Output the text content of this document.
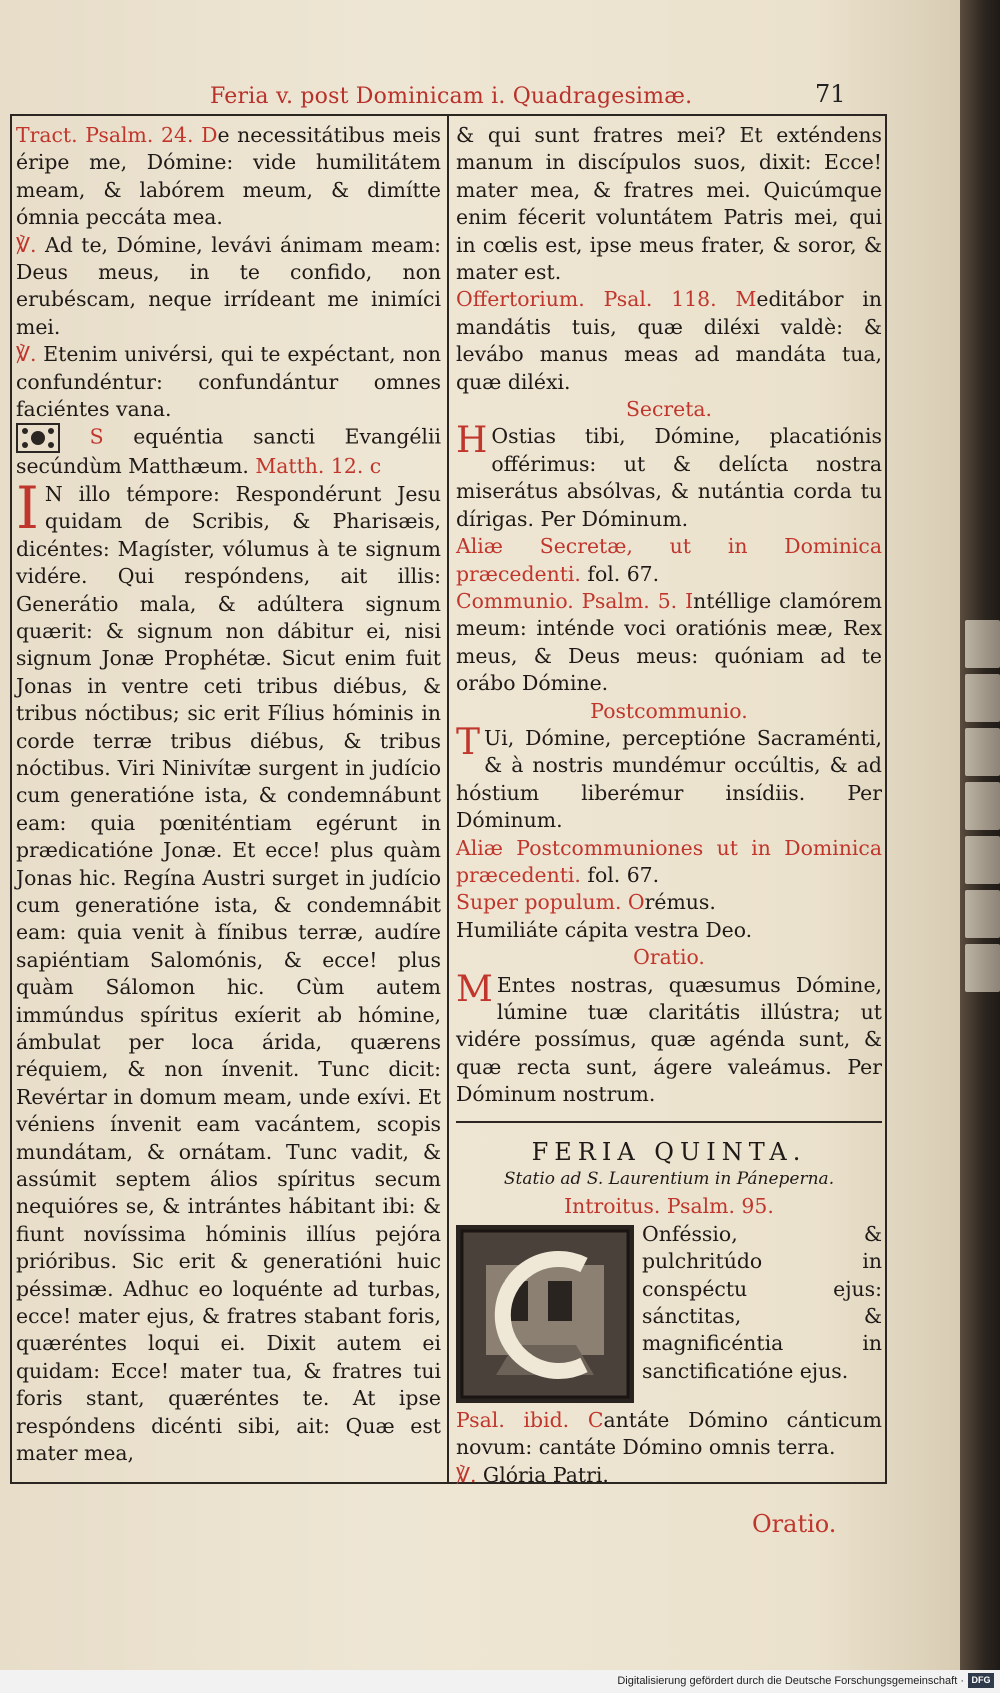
Feria v. post Dominicam i. Quadragesimæ.	71

Tract. Psalm. 24. De necessitátibus meis éripe me, Dómine: vide humilitátem meam, & labórem meum, & dimítte ómnia peccáta mea.

℣. Ad te, Dómine, levávi ánimam meam: Deus meus, in te confido, non erubéscam, neque irrídeant me inimíci mei.

℣. Etenim univérsi, qui te expéctant, non confundéntur: confundántur omnes faciéntes vana.

S equéntia sancti Evangélii secúndùm Matthæum. Matth. 12. c

I N illo témpore: Respondérunt Jesu quidam de Scribis, & Pharisæis, dicéntes: Magíster, vólumus à te signum vidére. Qui respóndens, ait illis: Generátio mala, & adúltera signum quærit: & signum non dábitur ei, nisi signum Jonæ Prophétæ. Sicut enim fuit Jonas in ventre ceti tribus diébus, & tribus nóctibus; sic erit Fílius hóminis in corde terræ tribus diébus, & tribus nóctibus. Viri Ninivítæ surgent in judício cum generatióne ista, & condemnábunt eam: quia pœniténtiam egérunt in prædicatióne Jonæ. Et ecce! plus quàm Jonas hic. Regína Austri surget in judício cum generatióne ista, & condemnábit eam: quia venit à fínibus terræ, audíre sapiéntiam Salomónis, & ecce! plus quàm Sálomon hic. Cùm autem immúndus spíritus exíerit ab hómine, ámbulat per loca árida, quærens réquiem, & non ínvenit. Tunc dicit: Revértar in domum meam, unde exívi. Et véniens ínvenit eam vacántem, scopis mundátam, & ornátam. Tunc vadit, & assúmit septem álios spíritus secum nequióres se, & intrántes hábitant ibi: & fiunt novíssima hóminis illíus pejóra prióribus. Sic erit & generatióni huic péssimæ. Adhuc eo loquénte ad turbas, ecce! mater ejus, & fratres stabant foris, quæréntes loqui ei. Dixit autem ei quidam: Ecce! mater tua, & fratres tui foris stant, quæréntes te. At ipse respóndens dicénti sibi, ait: Quæ est mater mea,

& qui sunt fratres mei? Et exténdens manum in discípulos suos, dixit: Ecce! mater mea, & fratres mei. Quicúmque enim fécerit voluntátem Patris mei, qui in cœlis est, ipse meus frater, & soror, & mater est.

Offertorium. Psal. 118. Meditábor in mandátis tuis, quæ diléxi valdè: & levábo manus meas ad mandáta tua, quæ diléxi.

Secreta.

H Ostias tibi, Dómine, placatiónis offérimus: ut & delícta nostra miserátus absólvas, & nutántia corda tu dírigas. Per Dóminum.

Aliæ Secretæ, ut in Dominica præcedenti. fol. 67.

Communio. Psalm. 5. Intéllige clamórem meum: inténde voci oratiónis meæ, Rex meus, & Deus meus: quóniam ad te orábo Dómine.

Postcommunio.

T Ui, Dómine, perceptióne Sacraménti, & à nostris mundémur occúltis, & ad hóstium liberémur insídiis. Per Dóminum.

Aliæ Postcommuniones ut in Dominica præcedenti. fol. 67.

Super populum. Orémus.

Humiliáte cápita vestra Deo.

Oratio.

M Entes nostras, quæsumus Dómine, lúmine tuæ claritátis illústra; ut vidére possímus, quæ agénda sunt, & quæ recta sunt, ágere valeámus. Per Dóminum nostrum.

FERIA QUINTA.

Statio ad S. Laurentium in Páneperna.

Introitus. Psalm. 95.

Onféssio, & pulchritúdo in conspéctu ejus: sánctitas, & magnificéntia in sanctificatióne ejus.

Psal. ibid. Cantáte Dómino cánticum novum: cantáte Dómino omnis terra.

℣. Glória Patri.

Oratio.
Digitalisierung gefördert durch die Deutsche Forschungsgemeinschaft · DFG
